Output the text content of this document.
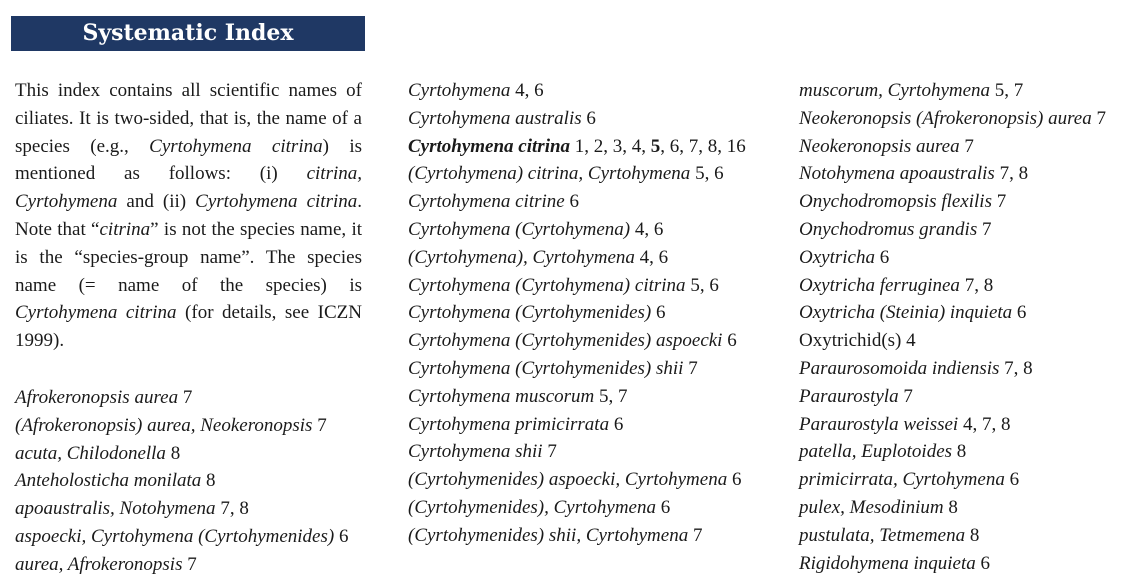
Systematic Index
This index contains all scientific names of ciliates. It is two-sided, that is, the name of a species (e.g., Cyrtohymena citrina) is mentioned as follows: (i) citrina, Cyrtohymena and (ii) Cyrtohymena citrina. Note that “citrina” is not the species name, it is the “species-group name”. The species name (= name of the species) is Cyrtohymena citrina (for details, see ICZN 1999).
Afrokeronopsis aurea 7
(Afrokeronopsis) aurea, Neokeronopsis 7
acuta, Chilodonella 8
Anteholosticha monilata 8
apoaustralis, Notohymena 7, 8
aspoecki, Cyrtohymena (Cyrtohymenides) 6
aurea, Afrokeronopsis 7
Cyrtohymena 4, 6
Cyrtohymena australis 6
Cyrtohymena citrina 1, 2, 3, 4, 5, 6, 7, 8, 16
(Cyrtohymena) citrina, Cyrtohymena 5, 6
Cyrtohymena citrine 6
Cyrtohymena (Cyrtohymena) 4, 6
(Cyrtohymena), Cyrtohymena 4, 6
Cyrtohymena (Cyrtohymena) citrina 5, 6
Cyrtohymena (Cyrtohymenides) 6
Cyrtohymena (Cyrtohymenides) aspoecki 6
Cyrtohymena (Cyrtohymenides) shii 7
Cyrtohymena muscorum 5, 7
Cyrtohymena primicirrata 6
Cyrtohymena shii 7
(Cyrtohymenides) aspoecki, Cyrtohymena 6
(Cyrtohymenides), Cyrtohymena 6
(Cyrtohymenides) shii, Cyrtohymena 7
muscorum, Cyrtohymena 5, 7
Neokeronopsis (Afrokeronopsis) aurea 7
Neokeronopsis aurea 7
Notohymena apoaustralis 7, 8
Onychodromopsis flexilis 7
Onychodromus grandis 7
Oxytricha 6
Oxytricha ferruginea 7, 8
Oxytricha (Steinia) inquieta 6
Oxytrichid(s) 4
Paraurosomoida indiensis 7, 8
Paraurostyla 7
Paraurostyla weissei 4, 7, 8
patella, Euplotoides 8
primicirrata, Cyrtohymena 6
pulex, Mesodinium 8
pustulata, Tetmemena 8
Rigidohymena inquieta 6
